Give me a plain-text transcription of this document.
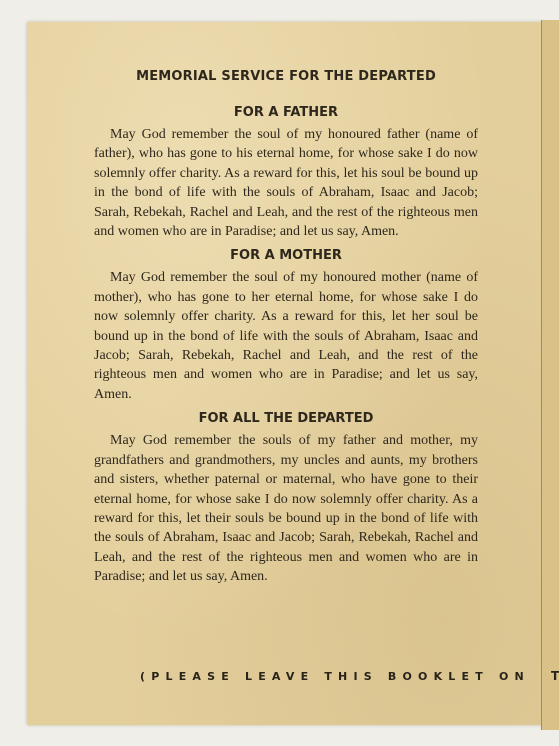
T
MEMORIAL SERVICE FOR THE DEPARTED
FOR A FATHER

May God remember the soul of my honoured father (name of father), who has gone to his eternal home, for whose sake I do now solemnly offer charity. As a reward for this, let his soul be bound up in the bond of life with the souls of Abraham, Isaac and Jacob; Sarah, Rebekah, Rachel and Leah, and the rest of the righteous men and women who are in Paradise; and let us say, Amen.

FOR A MOTHER

May God remember the soul of my honoured mother (name of mother), who has gone to her eternal home, for whose sake I do now solemnly offer charity. As a reward for this, let her soul be bound up in the bond of life with the souls of Abraham, Isaac and Jacob; Sarah, Rebekah, Rachel and Leah, and the rest of the righteous men and women who are in Paradise; and let us say, Amen.

FOR ALL THE DEPARTED

May God remember the souls of my father and mother, my grandfathers and grandmothers, my uncles and aunts, my brothers and sisters, whether paternal or maternal, who have gone to their eternal home, for whose sake I do now solemnly offer charity. As a reward for this, let their souls be bound up in the bond of life with the souls of Abraham, Isaac and Jacob; Sarah, Rebekah, Rachel and Leah, and the rest of the righteous men and women who are in Paradise; and let us say, Amen.

(PLEASE LEAVE THIS BOOKLET ON
